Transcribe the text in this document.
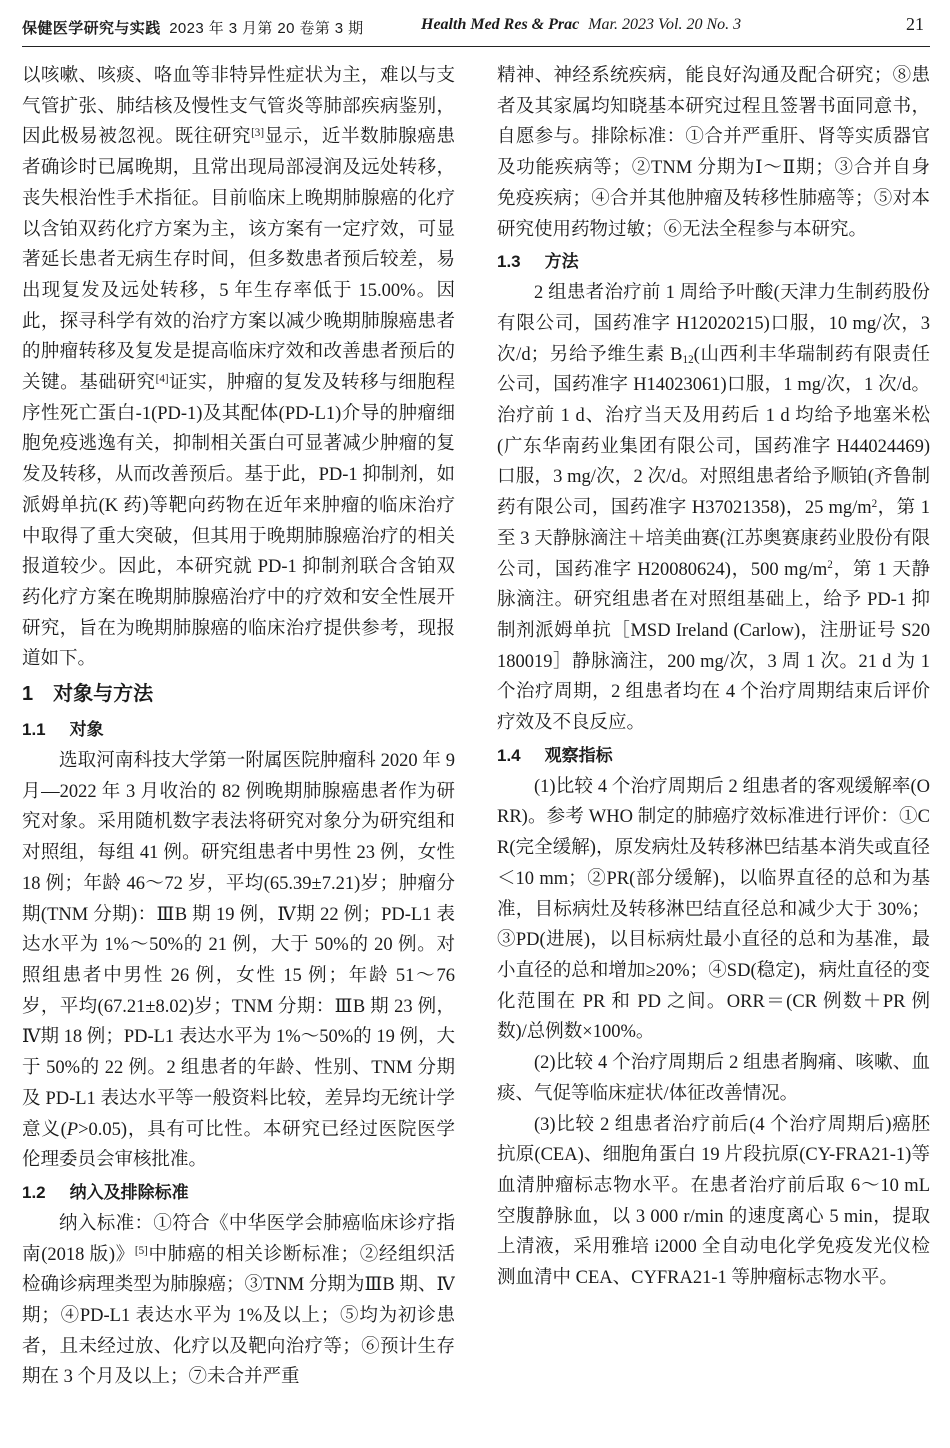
保健医学研究与实践 2023 年 3 月第 20 卷第 3 期	Health Med Res & Prac Mar. 2023 Vol. 20 No. 3	21

以咳嗽、咳痰、咯血等非特异性症状为主，难以与支气管扩张、肺结核及慢性支气管炎等肺部疾病鉴别，因此极易被忽视。既往研究[3]显示，近半数肺腺癌患者确诊时已属晚期，且常出现局部浸润及远处转移，丧失根治性手术指征。目前临床上晚期肺腺癌的化疗以含铂双药化疗方案为主，该方案有一定疗效，可显著延长患者无病生存时间，但多数患者预后较差，易出现复发及远处转移，5 年生存率低于 15.00%。因此，探寻科学有效的治疗方案以减少晚期肺腺癌患者的肿瘤转移及复发是提高临床疗效和改善患者预后的关键。基础研究[4]证实，肿瘤的复发及转移与细胞程序性死亡蛋白-1(PD-1)及其配体(PD-L1)介导的肿瘤细胞免疫逃逸有关，抑制相关蛋白可显著减少肿瘤的复发及转移，从而改善预后。基于此，PD-1 抑制剂，如派姆单抗(K 药)等靶向药物在近年来肿瘤的临床治疗中取得了重大突破，但其用于晚期肺腺癌治疗的相关报道较少。因此，本研究就 PD-1 抑制剂联合含铂双药化疗方案在晚期肺腺癌治疗中的疗效和安全性展开研究，旨在为晚期肺腺癌的临床治疗提供参考，现报道如下。

1 对象与方法
1.1 对象

选取河南科技大学第一附属医院肿瘤科 2020 年 9 月—2022 年 3 月收治的 82 例晚期肺腺癌患者作为研究对象。采用随机数字表法将研究对象分为研究组和对照组，每组 41 例。研究组患者中男性 23 例，女性 18 例；年龄 46～72 岁，平均(65.39±7.21)岁；肿瘤分期(TNM 分期)：ⅢB 期 19 例，Ⅳ期 22 例；PD-L1 表达水平为 1%～50%的 21 例，大于 50%的 20 例。对照组患者中男性 26 例，女性 15 例；年龄 51～76 岁，平均(67.21±8.02)岁；TNM 分期：ⅢB 期 23 例，Ⅳ期 18 例；PD-L1 表达水平为 1%～50%的 19 例，大于 50%的 22 例。2 组患者的年龄、性别、TNM 分期及 PD-L1 表达水平等一般资料比较，差异均无统计学意义(P>0.05)，具有可比性。本研究已经过医院医学伦理委员会审核批准。

1.2 纳入及排除标准

纳入标准：①符合《中华医学会肺癌临床诊疗指南(2018 版)》[5]中肺癌的相关诊断标准；②经组织活检确诊病理类型为肺腺癌；③TNM 分期为ⅢB 期、Ⅳ期；④PD-L1 表达水平为 1%及以上；⑤均为初诊患者，且未经过放、化疗以及靶向治疗等；⑥预计生存期在 3 个月及以上；⑦未合并严重

精神、神经系统疾病，能良好沟通及配合研究；⑧患者及其家属均知晓基本研究过程且签署书面同意书，自愿参与。排除标准：①合并严重肝、肾等实质器官及功能疾病等；②TNM 分期为Ⅰ～Ⅱ期；③合并自身免疫疾病；④合并其他肿瘤及转移性肺癌等；⑤对本研究使用药物过敏；⑥无法全程参与本研究。

1.3 方法

2 组患者治疗前 1 周给予叶酸(天津力生制药股份有限公司，国药准字 H12020215)口服，10 mg/次，3 次/d；另给予维生素 B12(山西利丰华瑞制药有限责任公司，国药准字 H14023061)口服，1 mg/次，1 次/d。治疗前 1 d、治疗当天及用药后 1 d 均给予地塞米松(广东华南药业集团有限公司，国药准字 H44024469)口服，3 mg/次，2 次/d。对照组患者给予顺铂(齐鲁制药有限公司，国药准字 H37021358)，25 $mg/m^2$，第 1 至 3 天静脉滴注＋培美曲赛(江苏奥赛康药业股份有限公司，国药准字 H20080624)，500 $mg/m^2$，第 1 天静脉滴注。研究组患者在对照组基础上，给予 PD-1 抑制剂派姆单抗［MSD Ireland (Carlow)，注册证号 S20180019］静脉滴注，200 mg/次，3 周 1 次。21 d 为 1 个治疗周期，2 组患者均在 4 个治疗周期结束后评价疗效及不良反应。

1.4 观察指标

(1)比较 4 个治疗周期后 2 组患者的客观缓解率(ORR)。参考 WHO 制定的肺癌疗效标准进行评价：①CR(完全缓解)，原发病灶及转移淋巴结基本消失或直径＜10 mm；②PR(部分缓解)，以临界直径的总和为基准，目标病灶及转移淋巴结直径总和减少大于 30%；③PD(进展)，以目标病灶最小直径的总和为基准，最小直径的总和增加≥20%；④SD(稳定)，病灶直径的变化范围在 PR 和 PD 之间。ORR＝(CR 例数＋PR 例数)/总例数×100%。

(2)比较 4 个治疗周期后 2 组患者胸痛、咳嗽、血痰、气促等临床症状/体征改善情况。

(3)比较 2 组患者治疗前后(4 个治疗周期后)癌胚抗原(CEA)、细胞角蛋白 19 片段抗原(CY-FRA21-1)等血清肿瘤标志物水平。在患者治疗前后取 6～10 mL 空腹静脉血，以 3 000 r/min 的速度离心 5 min，提取上清液，采用雅培 i2000 全自动电化学免疫发光仪检测血清中 CEA、CYFRA21-1 等肿瘤标志物水平。
